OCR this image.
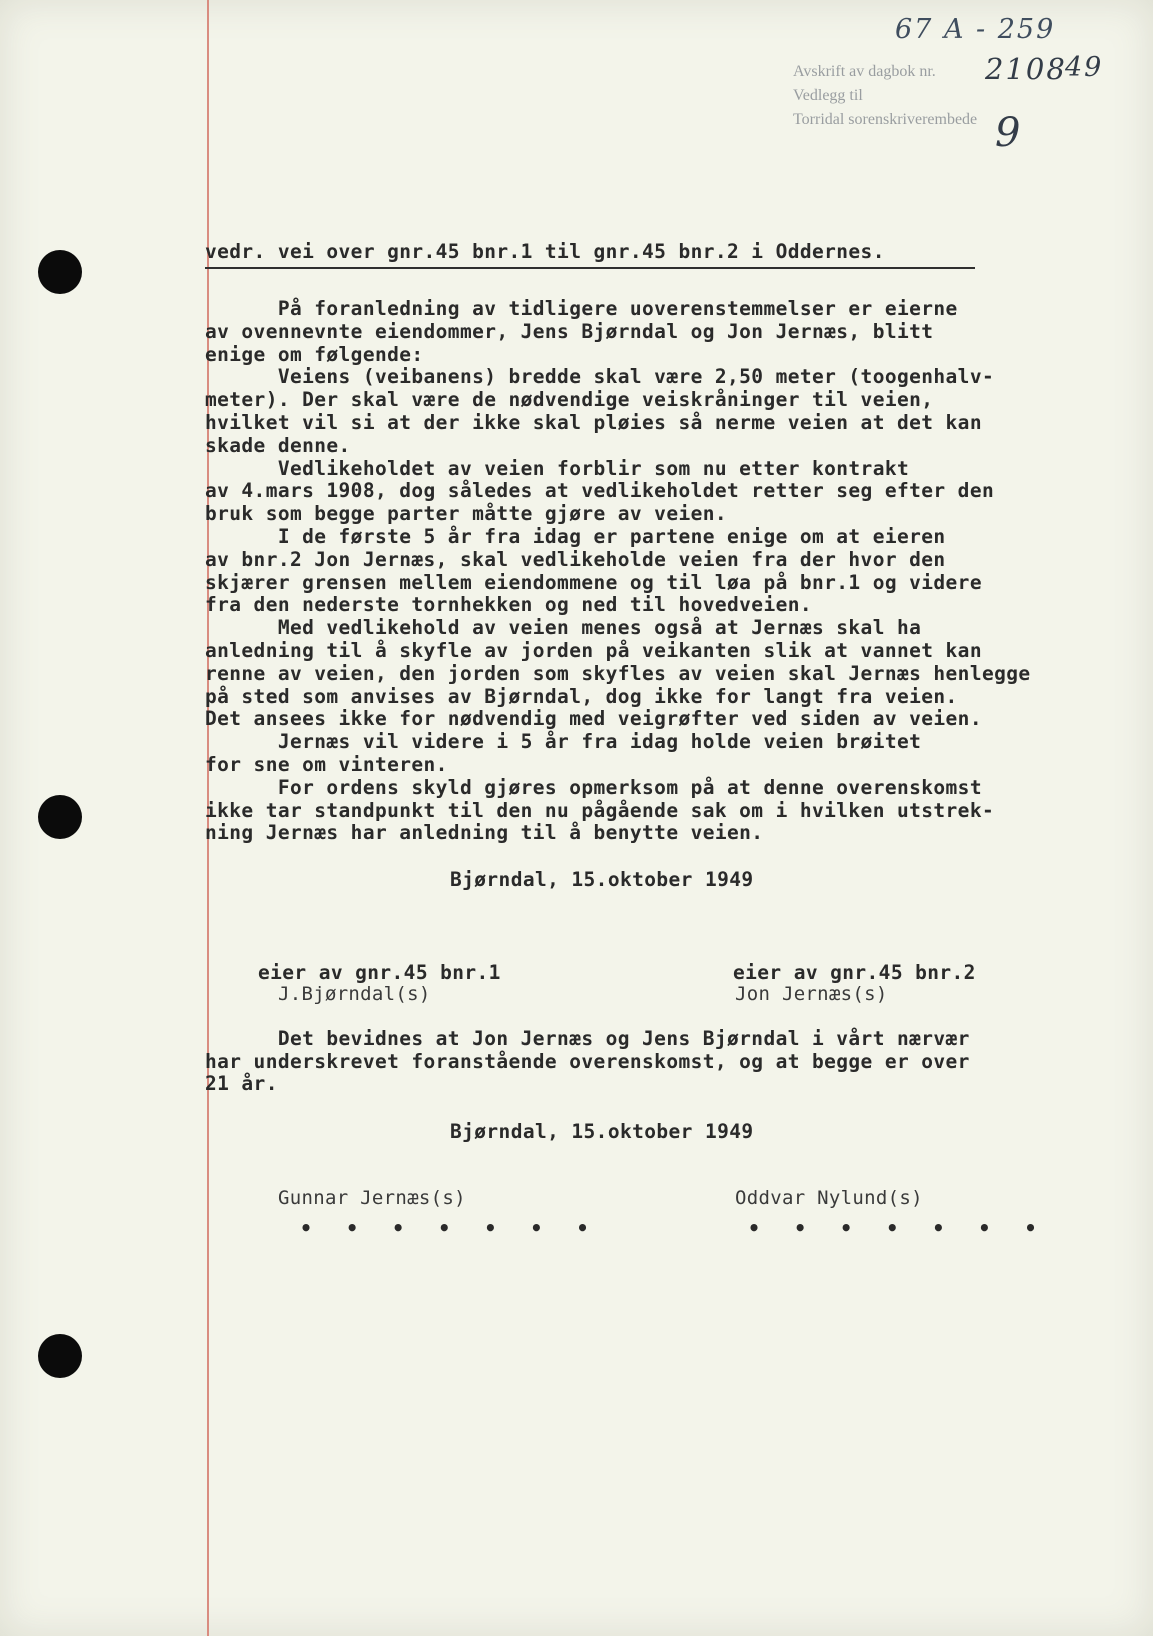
67 A - 259
Avskrift av dagbok nr.
Vedlegg til
Torridal sorenskriverembede
2108
49
9
vedr. vei over gnr.45 bnr.1 til gnr.45 bnr.2 i Oddernes.
På foranledning av tidligere uoverenstemmelser er eierne
av ovennevnte eiendommer, Jens Bjørndal og Jon Jernæs, blitt
enige om følgende:
Veiens (veibanens) bredde skal være 2,50 meter (toogenhalv-
meter). Der skal være de nødvendige veiskråninger til veien,
hvilket vil si at der ikke skal pløies så nerme veien at det kan
skade denne.
Vedlikeholdet av veien forblir som nu etter kontrakt
av 4.mars 1908, dog således at vedlikeholdet retter seg efter den
bruk som begge parter måtte gjøre av veien.
I de første 5 år fra idag er partene enige om at eieren
av bnr.2 Jon Jernæs, skal vedlikeholde veien fra der hvor den
skjærer grensen mellem eiendommene og til løa på bnr.1 og videre
fra den nederste tornhekken og ned til hovedveien.
Med vedlikehold av veien menes også at Jernæs skal ha
anledning til å skyfle av jorden på veikanten slik at vannet kan
renne av veien, den jorden som skyfles av veien skal Jernæs henlegge
på sted som anvises av Bjørndal, dog ikke for langt fra veien.
Det ansees ikke for nødvendig med veigrøfter ved siden av veien.
Jernæs vil videre i 5 år fra idag holde veien brøitet
for sne om vinteren.
For ordens skyld gjøres opmerksom på at denne overenskomst
ikke tar standpunkt til den nu pågående sak om i hvilken utstrek-
ning Jernæs har anledning til å benytte veien.
Bjørndal, 15.oktober 1949
eier av gnr.45 bnr.1
J.Bjørndal(s)
eier av gnr.45 bnr.2
Jon Jernæs(s)
Det bevidnes at Jon Jernæs og Jens Bjørndal i vårt nærvær
har underskrevet foranstående overenskomst, og at begge er over
21 år.
Bjørndal, 15.oktober 1949
Gunnar Jernæs(s)
• • • • • • •
Oddvar Nylund(s)
• • • • • • •
